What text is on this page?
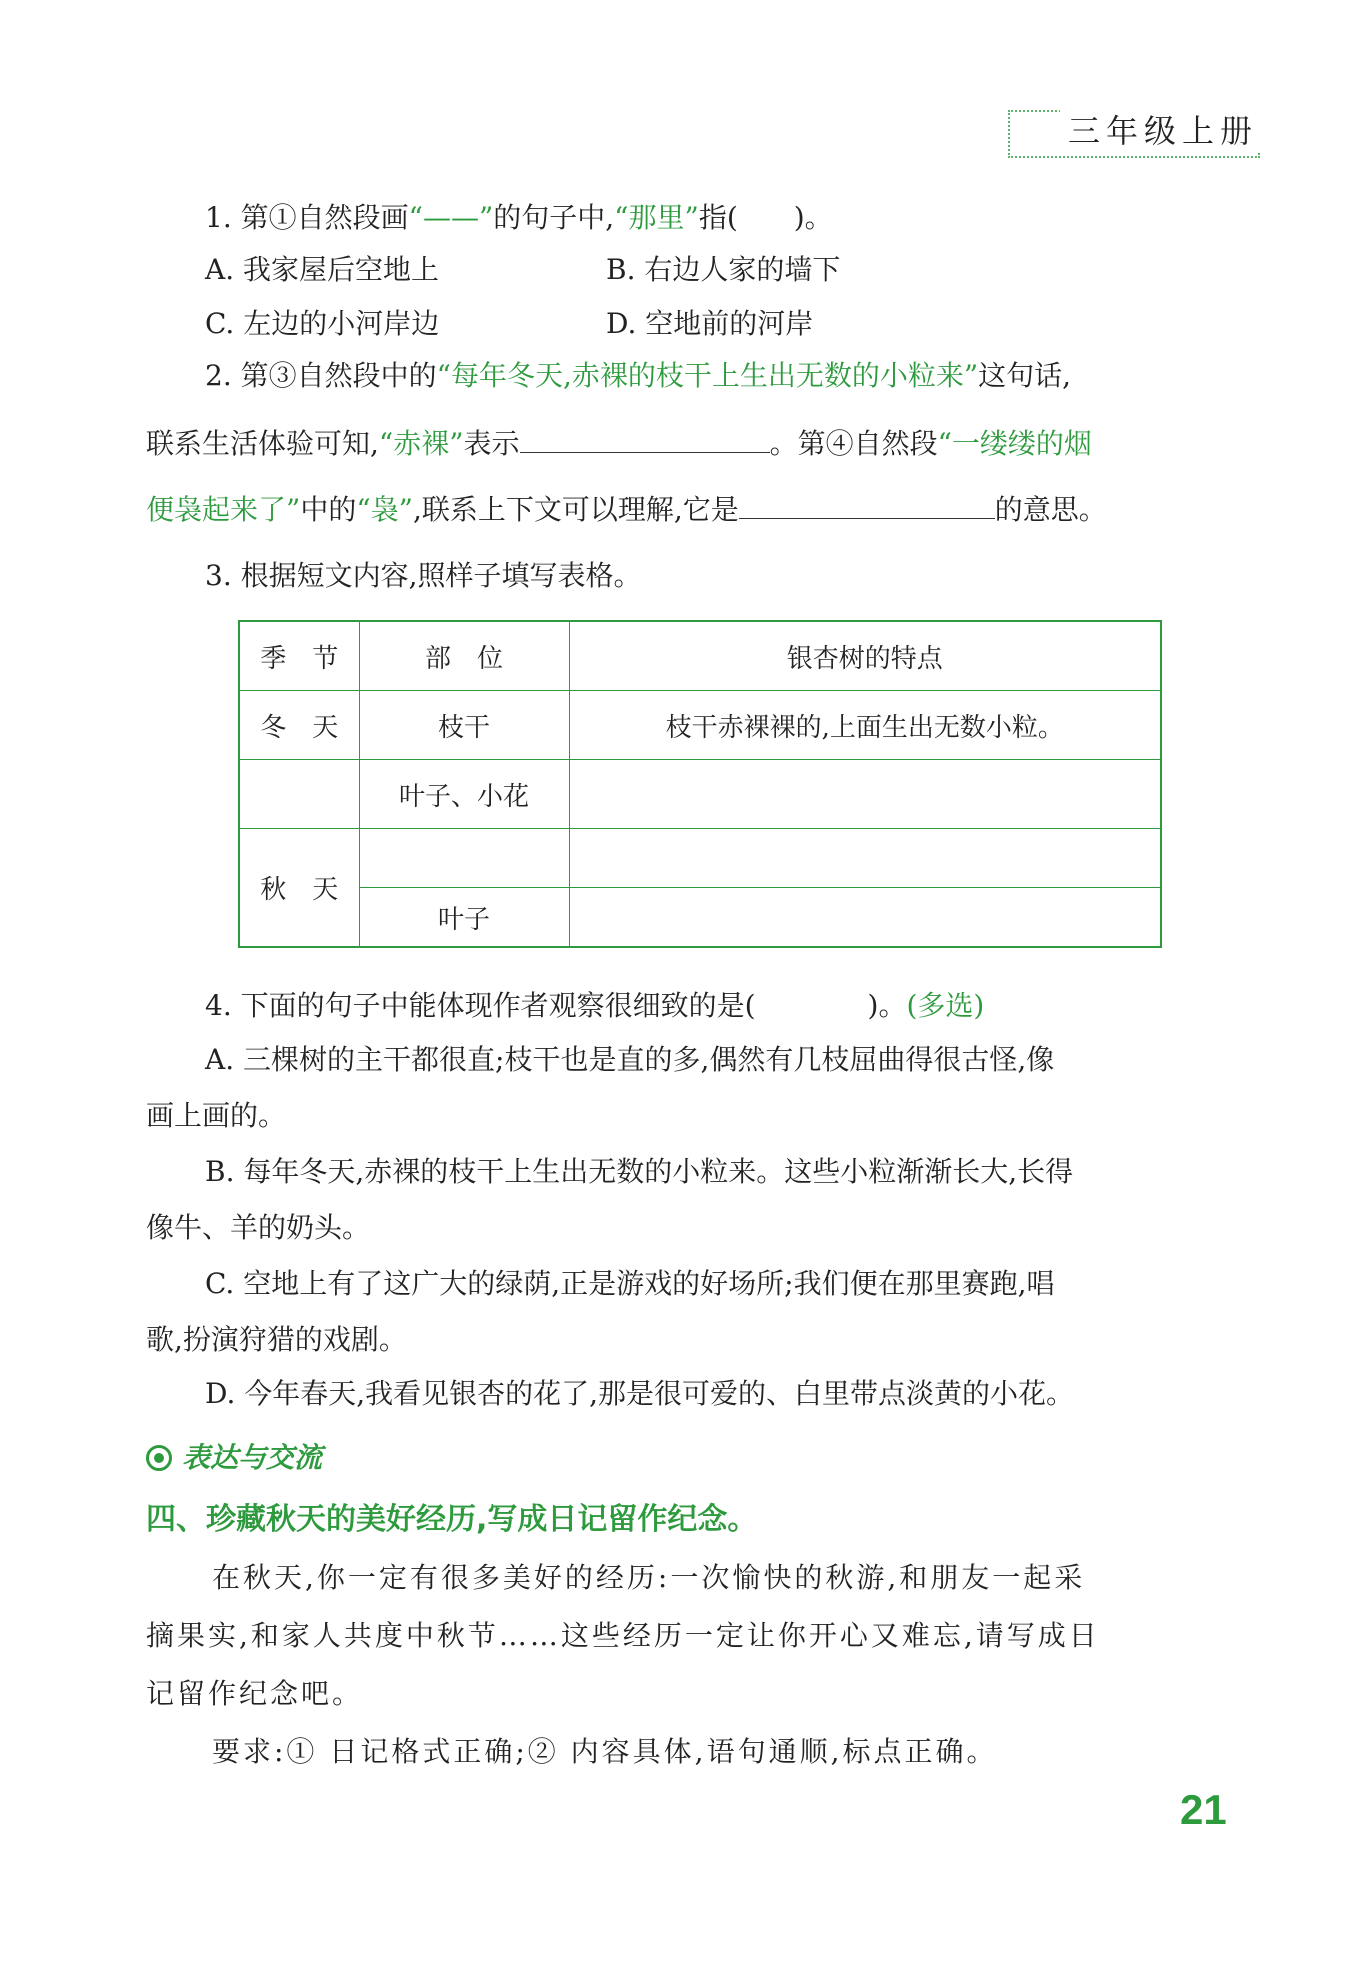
三年级上册
1. 第①自然段画“——”的句子中,“那里”指(　　)。
A. 我家屋后空地上	B. 右边人家的墙下
C. 左边的小河岸边	D. 空地前的河岸
2. 第③自然段中的“每年冬天,赤裸的枝干上生出无数的小粒来”这句话,
联系生活体验可知,“赤裸”表示	。第④自然段“一缕缕的烟
便袅起来了”中的“袅”,联系上下文可以理解,它是	的意思。
3. 根据短文内容,照样子填写表格。
季　节	部　位	银杏树的特点
冬　天	枝干	枝干赤裸裸的,上面生出无数小粒。
	叶子、小花	
秋　天		
	叶子	
4. 下面的句子中能体现作者观察很细致的是(　　　　)。(多选)
A. 三棵树的主干都很直;枝干也是直的多,偶然有几枝屈曲得很古怪,像
画上画的。
B. 每年冬天,赤裸的枝干上生出无数的小粒来。这些小粒渐渐长大,长得
像牛、羊的奶头。
C. 空地上有了这广大的绿荫,正是游戏的好场所;我们便在那里赛跑,唱
歌,扮演狩猎的戏剧。
D. 今年春天,我看见银杏的花了,那是很可爱的、白里带点淡黄的小花。
表达与交流
四、珍藏秋天的美好经历,写成日记留作纪念。
在秋天,你一定有很多美好的经历:一次愉快的秋游,和朋友一起采
摘果实,和家人共度中秋节……这些经历一定让你开心又难忘,请写成日
记留作纪念吧。
要求:① 日记格式正确;② 内容具体,语句通顺,标点正确。
21
